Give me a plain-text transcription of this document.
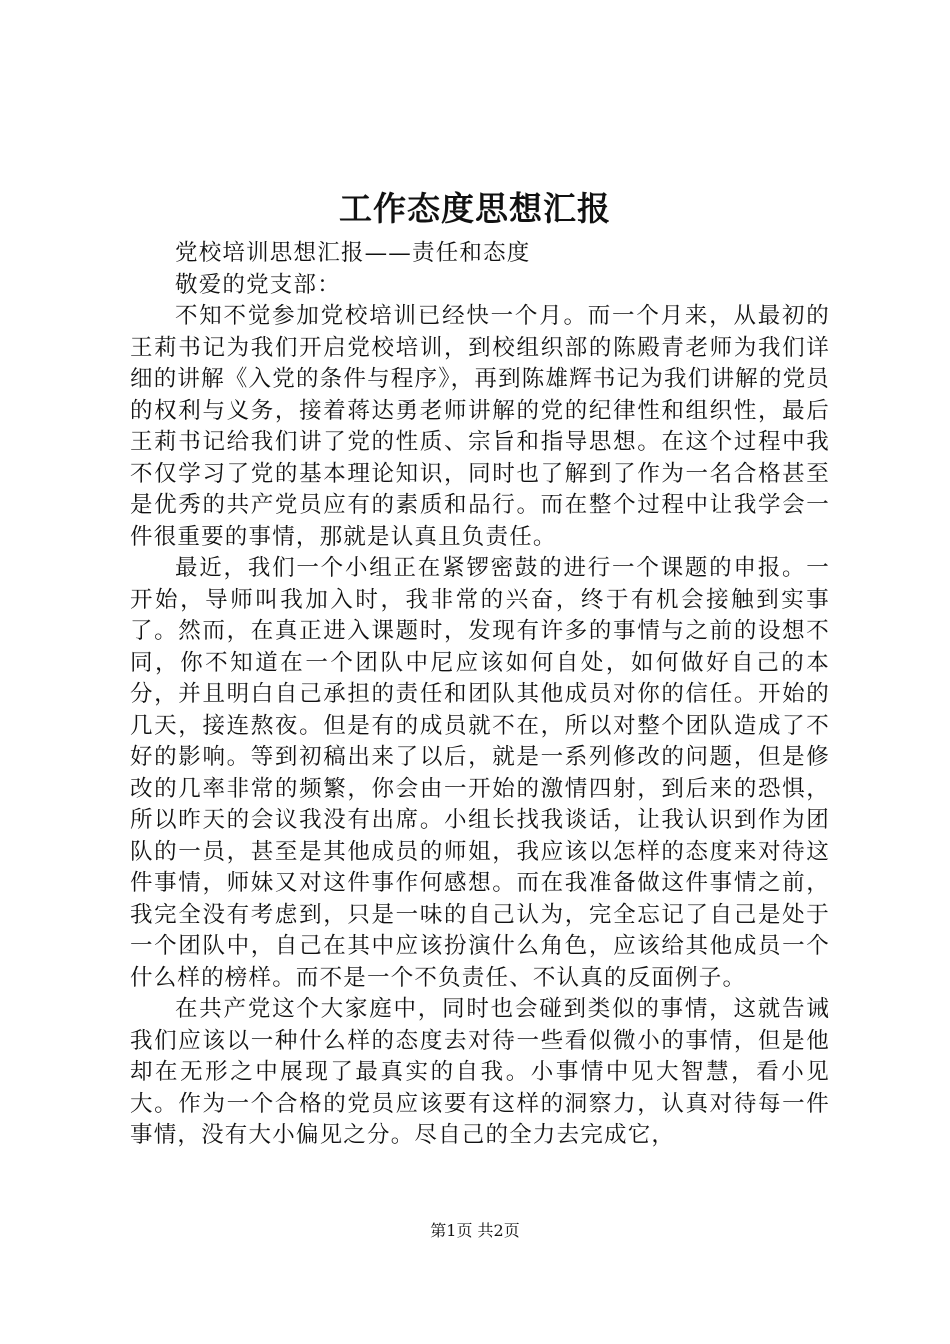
工作态度思想汇报

党校培训思想汇报——责任和态度

敬爱的党支部：

不知不觉参加党校培训已经快一个月。而一个月来，从最初的王莉书记为我们开启党校培训，到校组织部的陈殿青老师为我们详细的讲解《入党的条件与程序》，再到陈雄辉书记为我们讲解的党员的权利与义务，接着蒋达勇老师讲解的党的纪律性和组织性，最后王莉书记给我们讲了党的性质、宗旨和指导思想。在这个过程中我不仅学习了党的基本理论知识，同时也了解到了作为一名合格甚至是优秀的共产党员应有的素质和品行。而在整个过程中让我学会一件很重要的事情，那就是认真且负责任。

最近，我们一个小组正在紧锣密鼓的进行一个课题的申报。一开始，导师叫我加入时，我非常的兴奋，终于有机会接触到实事了。然而，在真正进入课题时，发现有许多的事情与之前的设想不同，你不知道在一个团队中尼应该如何自处，如何做好自己的本分，并且明白自己承担的责任和团队其他成员对你的信任。开始的几天，接连熬夜。但是有的成员就不在，所以对整个团队造成了不好的影响。等到初稿出来了以后，就是一系列修改的问题，但是修改的几率非常的频繁，你会由一开始的激情四射，到后来的恐惧，所以昨天的会议我没有出席。小组长找我谈话，让我认识到作为团队的一员，甚至是其他成员的师姐，我应该以怎样的态度来对待这件事情，师妹又对这件事作何感想。而在我准备做这件事情之前，我完全没有考虑到，只是一味的自己认为，完全忘记了自己是处于一个团队中，自己在其中应该扮演什么角色，应该给其他成员一个什么样的榜样。而不是一个不负责任、不认真的反面例子。

在共产党这个大家庭中，同时也会碰到类似的事情，这就告诫我们应该以一种什么样的态度去对待一些看似微小的事情，但是他却在无形之中展现了最真实的自我。小事情中见大智慧，看小见大。作为一个合格的党员应该要有这样的洞察力，认真对待每一件事情，没有大小偏见之分。尽自己的全力去完成它，

第1页 共2页
